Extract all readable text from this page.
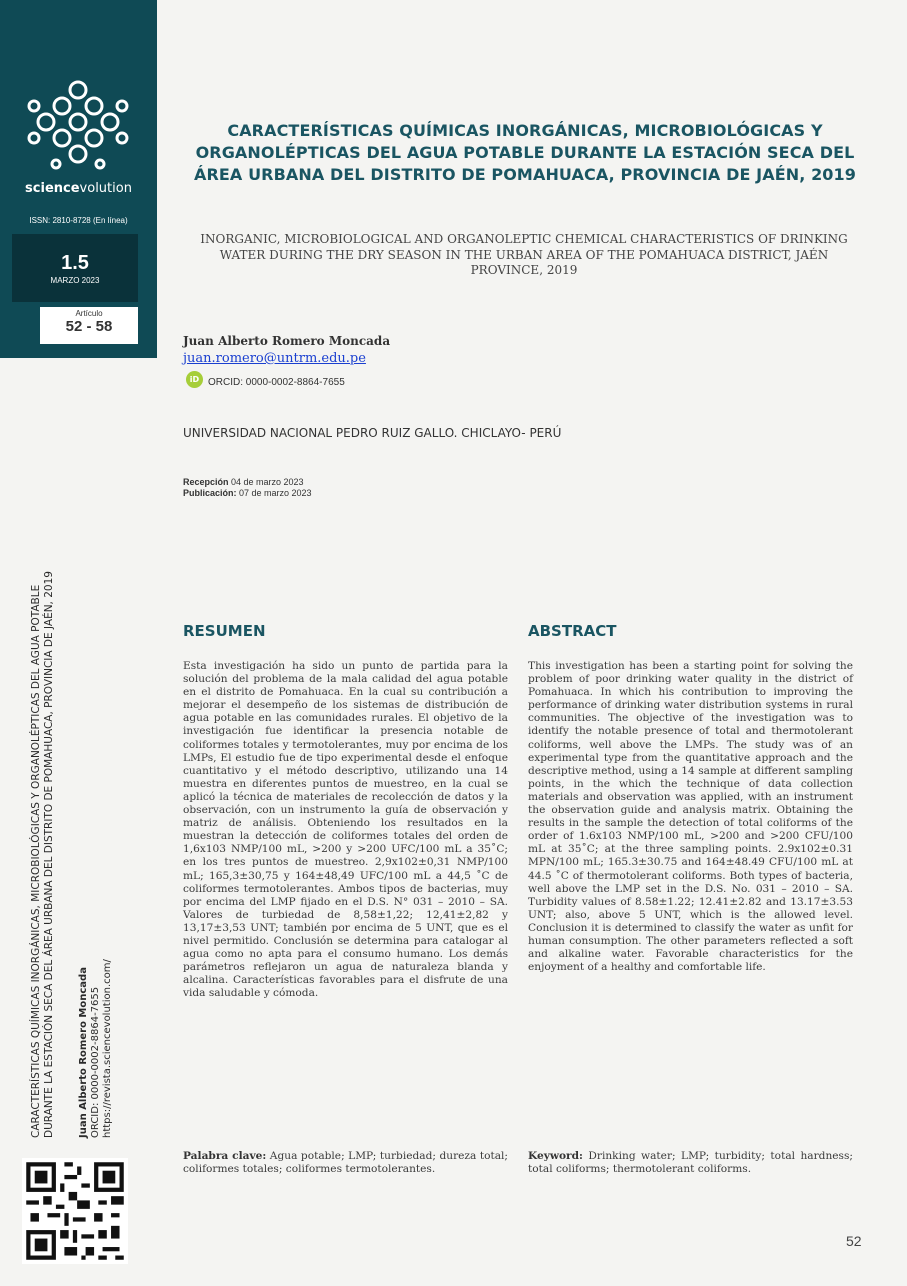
sciencevolution
ISSN: 2810-8728 (En línea)
1.5
MARZO 2023
Artículo
52 - 58
CARACTERÍSTICAS QUÍMICAS INORGÁNICAS, MICROBIOLÓGICAS Y ORGANOLÉPTICAS DEL AGUA POTABLE DURANTE LA ESTACIÓN SECA DEL ÁREA URBANA DEL DISTRITO DE POMAHUACA, PROVINCIA DE JAÉN, 2019 Juan Alberto Romero Moncada ORCID: 0000-0002-8864-7655 https://revista.sciencevolution.com/
CARACTERÍSTICAS QUÍMICAS INORGÁNICAS, MICROBIOLÓGICAS Y ORGANOLÉPTICAS DEL AGUA POTABLE DURANTE LA ESTACIÓN SECA DEL ÁREA URBANA DEL DISTRITO DE POMAHUACA, PROVINCIA DE JAÉN, 2019
INORGANIC, MICROBIOLOGICAL AND ORGANOLEPTIC CHEMICAL CHARACTERISTICS OF DRINKING WATER DURING THE DRY SEASON IN THE URBAN AREA OF THE POMAHUACA DISTRICT, JAÉN PROVINCE, 2019
Juan Alberto Romero Moncada
juan.romero@untrm.edu.pe
iD ORCID: 0000-0002-8864-7655
UNIVERSIDAD NACIONAL PEDRO RUIZ GALLO. CHICLAYO- PERÚ
Recepción 04 de marzo 2023
Publicación: 07 de marzo 2023
RESUMEN
Esta investigación ha sido un punto de partida para la solución del problema de la mala calidad del agua potable en el distrito de Pomahuaca. En la cual su contribución a mejorar el desempeño de los sistemas de distribución de agua potable en las comunidades rurales. El objetivo de la investigación fue identificar la presencia notable de coliformes totales y termotolerantes, muy por encima de los LMPs, El estudio fue de tipo experimental desde el enfoque cuantitativo y el método descriptivo, utilizando una 14 muestra en diferentes puntos de muestreo, en la cual se aplicó la técnica de materiales de recolección de datos y la observación, con un instrumento la guía de observación y matriz de análisis. Obteniendo los resultados en la muestran la detección de coliformes totales del orden de 1,6x103 NMP/100 mL, >200 y >200 UFC/100 mL a 35˚C; en los tres puntos de muestreo. 2,9x102±0,31 NMP/100 mL; 165,3±30,75 y 164±48,49 UFC/100 mL a 44,5 ˚C de coliformes termotolerantes. Ambos tipos de bacterias, muy por encima del LMP fijado en el D.S. N° 031 – 2010 – SA. Valores de turbiedad de 8,58±1,22; 12,41±2,82 y 13,17±3,53 UNT; también por encima de 5 UNT, que es el nivel permitido. Conclusión se determina para catalogar al agua como no apta para el consumo humano. Los demás parámetros reflejaron un agua de naturaleza blanda y alcalina. Características favorables para el disfrute de una vida saludable y cómoda.
Palabra clave: Agua potable; LMP; turbiedad; dureza total; coliformes totales; coliformes termotolerantes.
ABSTRACT
This investigation has been a starting point for solving the problem of poor drinking water quality in the district of Pomahuaca. In which his contribution to improving the performance of drinking water distribution systems in rural communities. The objective of the investigation was to identify the notable presence of total and thermotolerant coliforms, well above the LMPs. The study was of an experimental type from the quantitative approach and the descriptive method, using a 14 sample at different sampling points, in the which the technique of data collection materials and observation was applied, with an instrument the observation guide and analysis matrix. Obtaining the results in the sample the detection of total coliforms of the order of 1.6x103 NMP/100 mL, >200 and >200 CFU/100 mL at 35˚C; at the three sampling points. 2.9x102±0.31 MPN/100 mL; 165.3±30.75 and 164±48.49 CFU/100 mL at 44.5 ˚C of thermotolerant coliforms. Both types of bacteria, well above the LMP set in the D.S. No. 031 – 2010 – SA. Turbidity values of 8.58±1.22; 12.41±2.82 and 13.17±3.53 UNT; also, above 5 UNT, which is the allowed level. Conclusion it is determined to classify the water as unfit for human consumption. The other parameters reflected a soft and alkaline water. Favorable characteristics for the enjoyment of a healthy and comfortable life.
Keyword: Drinking water; LMP; turbidity; total hardness; total coliforms; thermotolerant coliforms.
52
